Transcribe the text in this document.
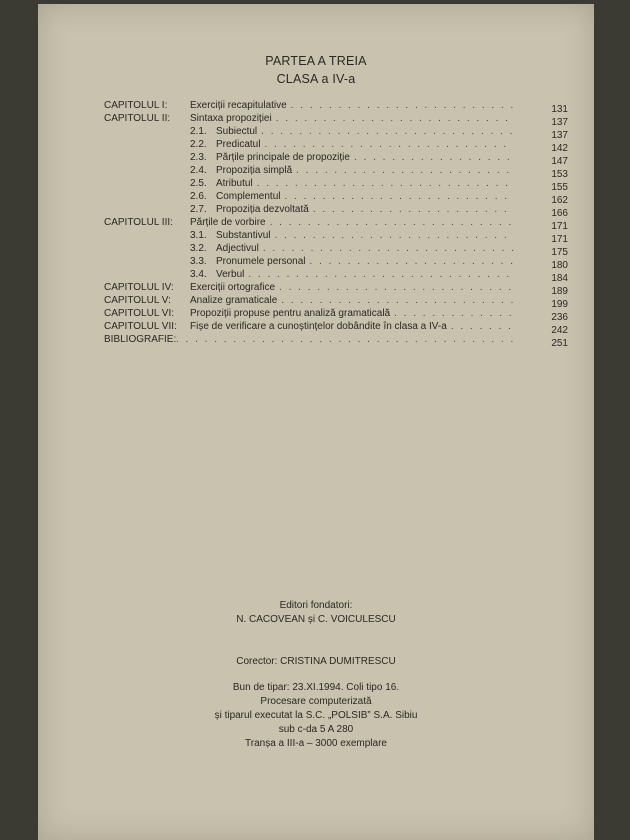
PARTEA A TREIA
CLASA a IV-a
CAPITOLUL I: Exerciții recapitulative . . .	131
CAPITOLUL II: Sintaxa propoziției . . .	137
2.1. Subiectul . . .	137
2.2. Predicatul . . .	142
2.3. Părțile principale de propoziție . . .	147
2.4. Propoziția simplă . . .	153
2.5. Atributul . . .	155
2.6. Complementul . . .	162
2.7. Propoziția dezvoltată . . .	166
CAPITOLUL III: Părțile de vorbire . . .	171
3.1. Substantivul . . .	171
3.2. Adjectivul . . .	175
3.3. Pronumele personal . . .	180
3.4. Verbul . . .	184
CAPITOLUL IV: Exerciții ortografice . . .	189
CAPITOLUL V: Analize gramaticale . . .	199
CAPITOLUL VI: Propoziții propuse pentru analiză gramaticală . . .	236
CAPITOLUL VII: Fișe de verificare a cunoștințelor dobândite în clasa a IV-a . . .	242
BIBLIOGRAFIE: . . .	251
Editori fondatori:
N. CACOVEAN și C. VOICULESCU
Corector: CRISTINA DUMITRESCU
Bun de tipar: 23.XI.1994. Coli tipo 16.
Procesare computerizată
și tiparul executat la S.C. „POLSIB” S.A. Sibiu
sub c-da 5 A 280
Tranșa a III-a – 3000 exemplare
